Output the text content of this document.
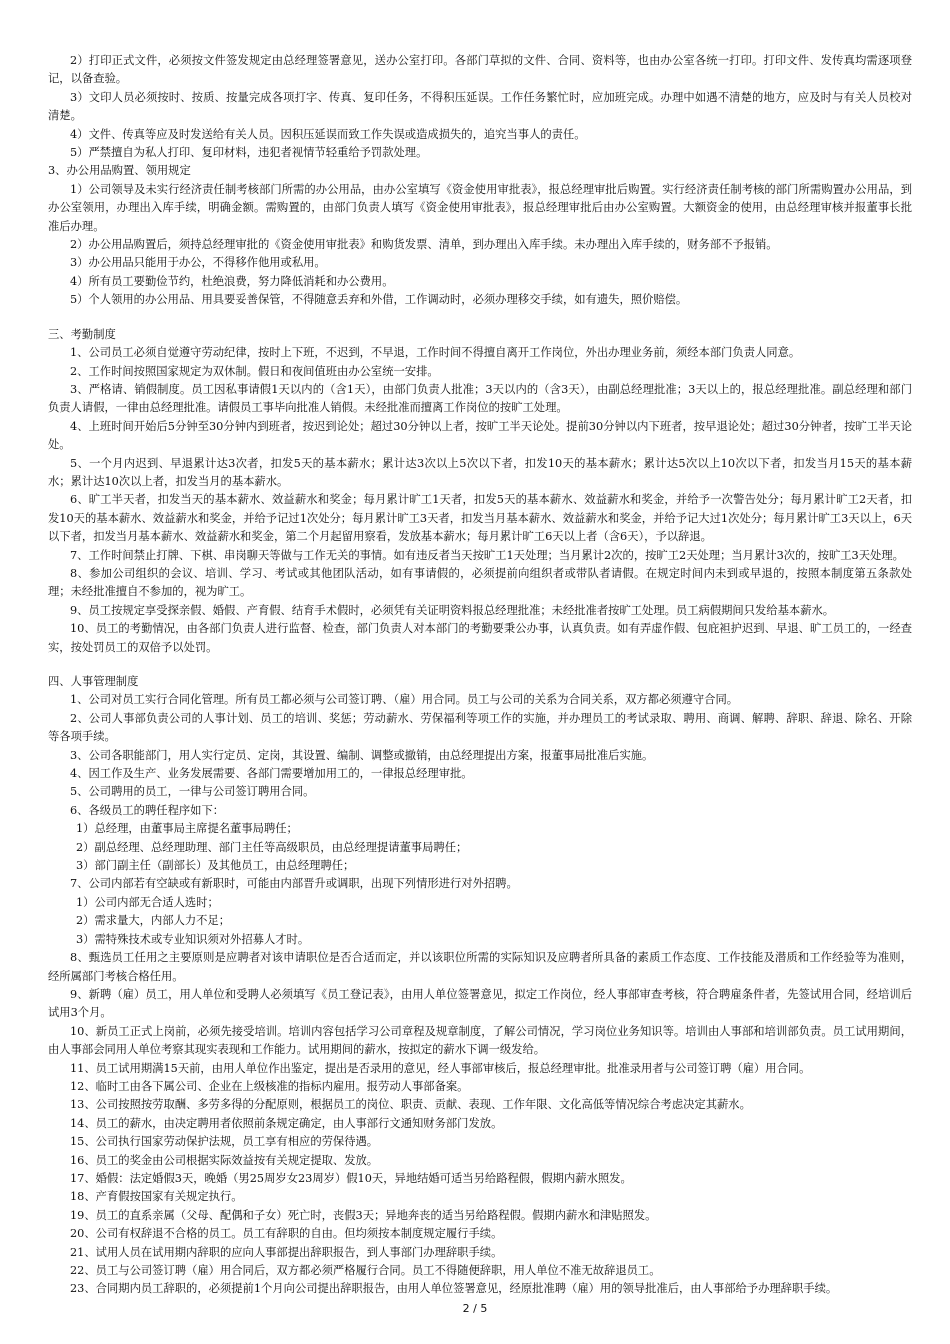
2）打印正式文件，必须按文件签发规定由总经理签署意见，送办公室打印。各部门草拟的文件、合同、资料等，也由办公室各统一打印。打印文件、发传真均需逐项登记，以备查验。

3）文印人员必须按时、按质、按量完成各项打字、传真、复印任务，不得积压延误。工作任务繁忙时，应加班完成。办理中如遇不清楚的地方，应及时与有关人员校对清楚。

4）文件、传真等应及时发送给有关人员。因积压延误而致工作失误或造成损失的，追究当事人的责任。

5）严禁擅自为私人打印、复印材料，违犯者视情节轻重给予罚款处理。

3、办公用品购置、领用规定

1）公司领导及未实行经济责任制考核部门所需的办公用品，由办公室填写《资金使用审批表》，报总经理审批后购置。实行经济责任制考核的部门所需购置办公用品，到办公室领用，办理出入库手续，明确金额。需购置的，由部门负责人填写《资金使用审批表》，报总经理审批后由办公室购置。大额资金的使用，由总经理审核并报董事长批准后办理。

2）办公用品购置后，须持总经理审批的《资金使用审批表》和购货发票、清单，到办理出入库手续。未办理出入库手续的，财务部不予报销。

3）办公用品只能用于办公，不得移作他用或私用。

4）所有员工要勤俭节约，杜绝浪费，努力降低消耗和办公费用。

5）个人领用的办公用品、用具要妥善保管，不得随意丢弃和外借，工作调动时，必须办理移交手续，如有遗失，照价赔偿。

三、考勤制度

1、公司员工必须自觉遵守劳动纪律，按时上下班，不迟到，不早退，工作时间不得擅自离开工作岗位，外出办理业务前，须经本部门负责人同意。

2、工作时间按照国家规定为双休制。假日和夜间值班由办公室统一安排。

3、严格请、销假制度。员工因私事请假1天以内的（含1天），由部门负责人批准；3天以内的（含3天），由副总经理批准；3天以上的，报总经理批准。副总经理和部门负责人请假，一律由总经理批准。请假员工事毕向批准人销假。未经批准而擅离工作岗位的按旷工处理。

4、上班时间开始后5分钟至30分钟内到班者，按迟到论处；超过30分钟以上者，按旷工半天论处。提前30分钟以内下班者，按早退论处；超过30分钟者，按旷工半天论处。

5、一个月内迟到、早退累计达3次者，扣发5天的基本薪水；累计达3次以上5次以下者，扣发10天的基本薪水；累计达5次以上10次以下者，扣发当月15天的基本薪水；累计达10次以上者，扣发当月的基本薪水。

6、旷工半天者，扣发当天的基本薪水、效益薪水和奖金；每月累计旷工1天者，扣发5天的基本薪水、效益薪水和奖金，并给予一次警告处分；每月累计旷工2天者，扣发10天的基本薪水、效益薪水和奖金，并给予记过1次处分；每月累计旷工3天者，扣发当月基本薪水、效益薪水和奖金，并给予记大过1次处分；每月累计旷工3天以上，6天以下者，扣发当月基本薪水、效益薪水和奖金，第二个月起留用察看，发放基本薪水；每月累计旷工6天以上者（含6天），予以辞退。

7、工作时间禁止打牌、下棋、串岗聊天等做与工作无关的事情。如有违反者当天按旷工1天处理；当月累计2次的，按旷工2天处理；当月累计3次的，按旷工3天处理。

8、参加公司组织的会议、培训、学习、考试或其他团队活动，如有事请假的，必须提前向组织者或带队者请假。在规定时间内未到或早退的，按照本制度第五条款处理；未经批准擅自不参加的，视为旷工。

9、员工按规定享受探亲假、婚假、产育假、结育手术假时，必须凭有关证明资料报总经理批准；未经批准者按旷工处理。员工病假期间只发给基本薪水。

10、员工的考勤情况，由各部门负责人进行监督、检查，部门负责人对本部门的考勤要秉公办事，认真负责。如有弄虚作假、包庇袒护迟到、早退、旷工员工的，一经查实，按处罚员工的双倍予以处罚。

四、人事管理制度

1、公司对员工实行合同化管理。所有员工都必须与公司签订聘、（雇）用合同。员工与公司的关系为合同关系，双方都必须遵守合同。

2、公司人事部负责公司的人事计划、员工的培训、奖惩；劳动薪水、劳保福利等项工作的实施，并办理员工的考试录取、聘用、商调、解聘、辞职、辞退、除名、开除等各项手续。

3、公司各职能部门，用人实行定员、定岗，其设置、编制、调整或撤销，由总经理提出方案，报董事局批准后实施。

4、因工作及生产、业务发展需要、各部门需要增加用工的，一律报总经理审批。

5、公司聘用的员工，一律与公司签订聘用合同。

6、各级员工的聘任程序如下：

1）总经理，由董事局主席提名董事局聘任；

2）副总经理、总经理助理、部门主任等高级职员，由总经理提请董事局聘任；

3）部门副主任（副部长）及其他员工，由总经理聘任；

7、公司内部若有空缺或有新职时，可能由内部晋升或调职，出现下列情形进行对外招聘。

1）公司内部无合适人选时；

2）需求量大，内部人力不足；

3）需特殊技术或专业知识须对外招募人才时。

8、甄选员工任用之主要原则是应聘者对该申请职位是否合适而定，并以该职位所需的实际知识及应聘者所具备的素质工作态度、工作技能及潜质和工作经验等为准则，经所属部门考核合格任用。

9、新聘（雇）员工，用人单位和受聘人必须填写《员工登记表》，由用人单位签署意见，拟定工作岗位，经人事部审查考核，符合聘雇条件者，先签试用合同，经培训后试用3个月。

10、新员工正式上岗前，必须先接受培训。培训内容包括学习公司章程及规章制度，了解公司情况，学习岗位业务知识等。培训由人事部和培训部负责。员工试用期间，由人事部会同用人单位考察其现实表现和工作能力。试用期间的薪水，按拟定的薪水下调一级发给。

11、员工试用期满15天前，由用人单位作出鉴定，提出是否录用的意见，经人事部审核后，报总经理审批。批准录用者与公司签订聘（雇）用合同。

12、临时工由各下属公司、企业在上级核准的指标内雇用。报劳动人事部备案。

13、公司按照按劳取酬、多劳多得的分配原则，根据员工的岗位、职责、贡献、表现、工作年限、文化高低等情况综合考虑决定其薪水。

14、员工的薪水，由决定聘用者依照前条规定确定，由人事部行文通知财务部门发放。

15、公司执行国家劳动保护法规，员工享有相应的劳保待遇。

16、员工的奖金由公司根据实际效益按有关规定提取、发放。

17、婚假：法定婚假3天，晚婚（男25周岁女23周岁）假10天，异地结婚可适当另给路程假，假期内薪水照发。

18、产育假按国家有关规定执行。

19、员工的直系亲属（父母、配偶和子女）死亡时，丧假3天；异地奔丧的适当另给路程假。假期内薪水和津贴照发。

20、公司有权辞退不合格的员工。员工有辞职的自由。但均须按本制度规定履行手续。

21、试用人员在试用期内辞职的应向人事部提出辞职报告，到人事部门办理辞职手续。

22、员工与公司签订聘（雇）用合同后，双方都必须严格履行合同。员工不得随便辞职，用人单位不准无故辞退员工。

23、合同期内员工辞职的，必须提前1个月向公司提出辞职报告，由用人单位签署意见，经原批准聘（雇）用的领导批准后，由人事部给予办理辞职手续。

2 / 5
